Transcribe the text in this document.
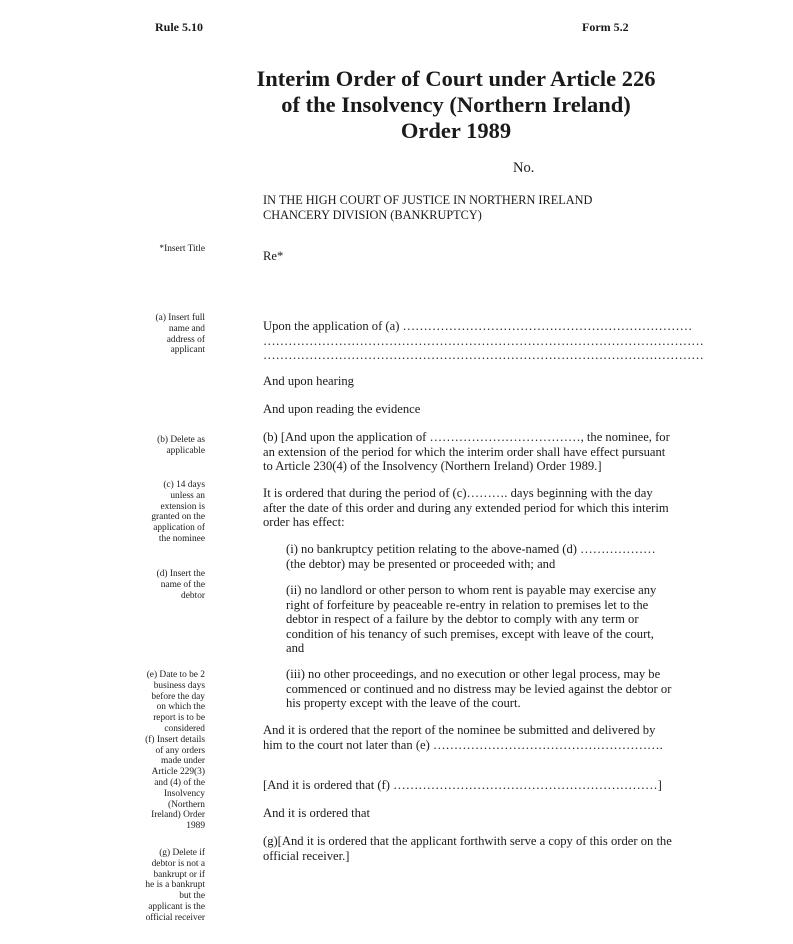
Rule 5.10	Form 5.2
Interim Order of Court under Article 226
of the Insolvency (Northern Ireland)
Order 1989
No.
IN THE HIGH COURT OF JUSTICE IN NORTHERN IRELAND
CHANCERY DIVISION (BANKRUPTCY)
Re*
Upon the application of (a) ……………………………………………………………
……………………………………………………………………………………………
……………………………………………………………………………………………
And upon hearing
And upon reading the evidence
(b) [And upon the application of ………………………………, the nominee, for
an extension of the period for which the interim order shall have effect pursuant
to Article 230(4) of the Insolvency (Northern Ireland) Order 1989.]
It is ordered that during the period of (c)………. days beginning with the day
after the date of this order and during any extended period for which this interim
order has effect:
(i) no bankruptcy petition relating to the above-named (d) ………………
(the debtor) may be presented or proceeded with; and
(ii) no landlord or other person to whom rent is payable may exercise any
right of forfeiture by peaceable re-entry in relation to premises let to the
debtor in respect of a failure by the debtor to comply with any term or
condition of his tenancy of such premises, except with leave of the court,
and
(iii) no other proceedings, and no execution or other legal process, may be
commenced or continued and no distress may be levied against the debtor or
his property except with the leave of the court.
And it is ordered that the report of the nominee be submitted and delivered by
him to the court not later than (e) ……………………………………………….
[And it is ordered that (f) ………………………………………………………]
And it is ordered that
(g)[And it is ordered that the applicant forthwith serve a copy of this order on the
official receiver.]
*Insert Title
(a) Insert full
name and
address of
applicant
(b) Delete as
applicable
(c) 14 days
unless an
extension is
granted on the
application of
the nominee
(d) Insert the
name of the
debtor
(e) Date to be 2
business days
before the day
on which the
report is to be
considered
(f) Insert details
of any orders
made under
Article 229(3)
and (4) of the
Insolvency
(Northern
Ireland) Order
1989
(g) Delete if
debtor is not a
bankrupt or if
he is a bankrupt
but the
applicant is the
official receiver
